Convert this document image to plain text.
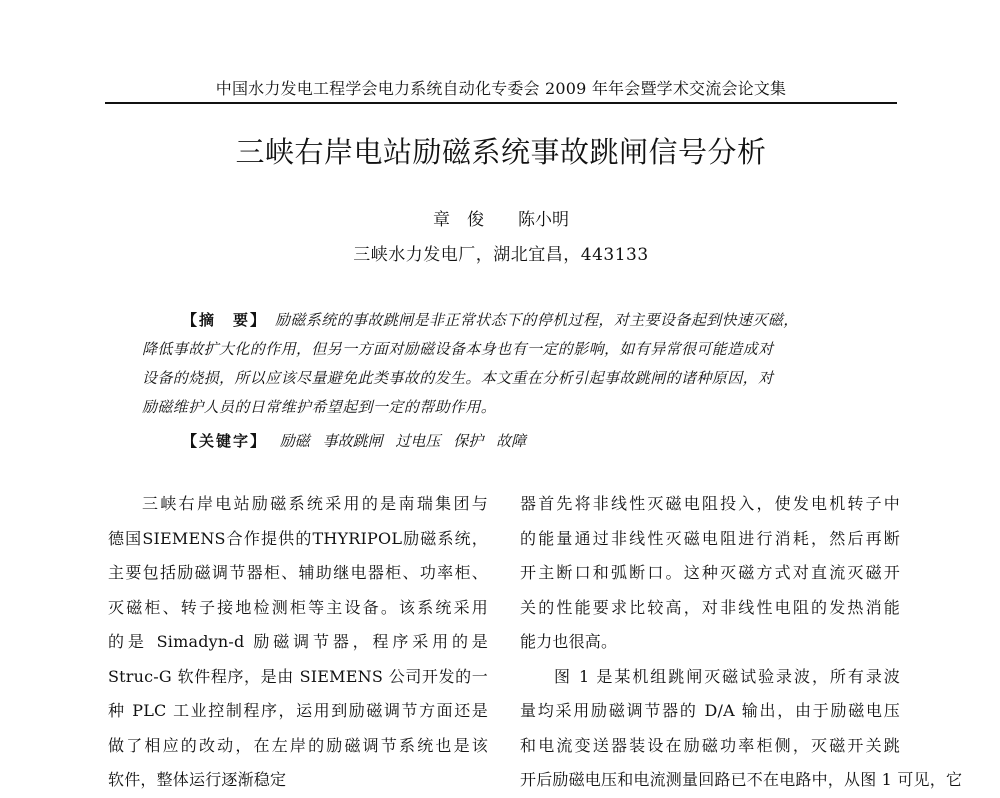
中国水力发电工程学会电力系统自动化专委会 2009 年年会暨学术交流会论文集
三峡右岸电站励磁系统事故跳闸信号分析
章　俊 陈小明
三峡水力发电厂，湖北宜昌，443133
【摘　要】 励磁系统的事故跳闸是非正常状态下的停机过程，对主要设备起到快速灭磁，
降低事故扩大化的作用，但另一方面对励磁设备本身也有一定的影响，如有异常很可能造成对
设备的烧损，所以应该尽量避免此类事故的发生。本文重在分析引起事故跳闸的诸种原因，对
励磁维护人员的日常维护希望起到一定的帮助作用。
【关键字】 励磁 事故跳闸 过电压 保护 故障
三峡右岸电站励磁系统采用的是南瑞集团与
德国SIEMENS合作提供的THYRIPOL励磁系统，
主要包括励磁调节器柜、辅助继电器柜、功率柜、
灭磁柜、转子接地检测柜等主设备。该系统采用
的是 Simadyn-d 励磁调节器，程序采用的是
Struc-G 软件程序，是由 SIEMENS 公司开发的一
种 PLC 工业控制程序，运用到励磁调节方面还是
做了相应的改动，在左岸的励磁调节系统也是该
软件，整体运行逐渐稳定
器首先将非线性灭磁电阻投入，使发电机转子中
的能量通过非线性灭磁电阻进行消耗，然后再断
开主断口和弧断口。这种灭磁方式对直流灭磁开
关的性能要求比较高，对非线性电阻的发热消能
能力也很高。
图 1 是某机组跳闸灭磁试验录波，所有录波
量均采用励磁调节器的 D/A 输出，由于励磁电压
和电流变送器装设在励磁功率柜侧，灭磁开关跳
开后励磁电压和电流测量回路已不在电路中，从图 1 可见，它
